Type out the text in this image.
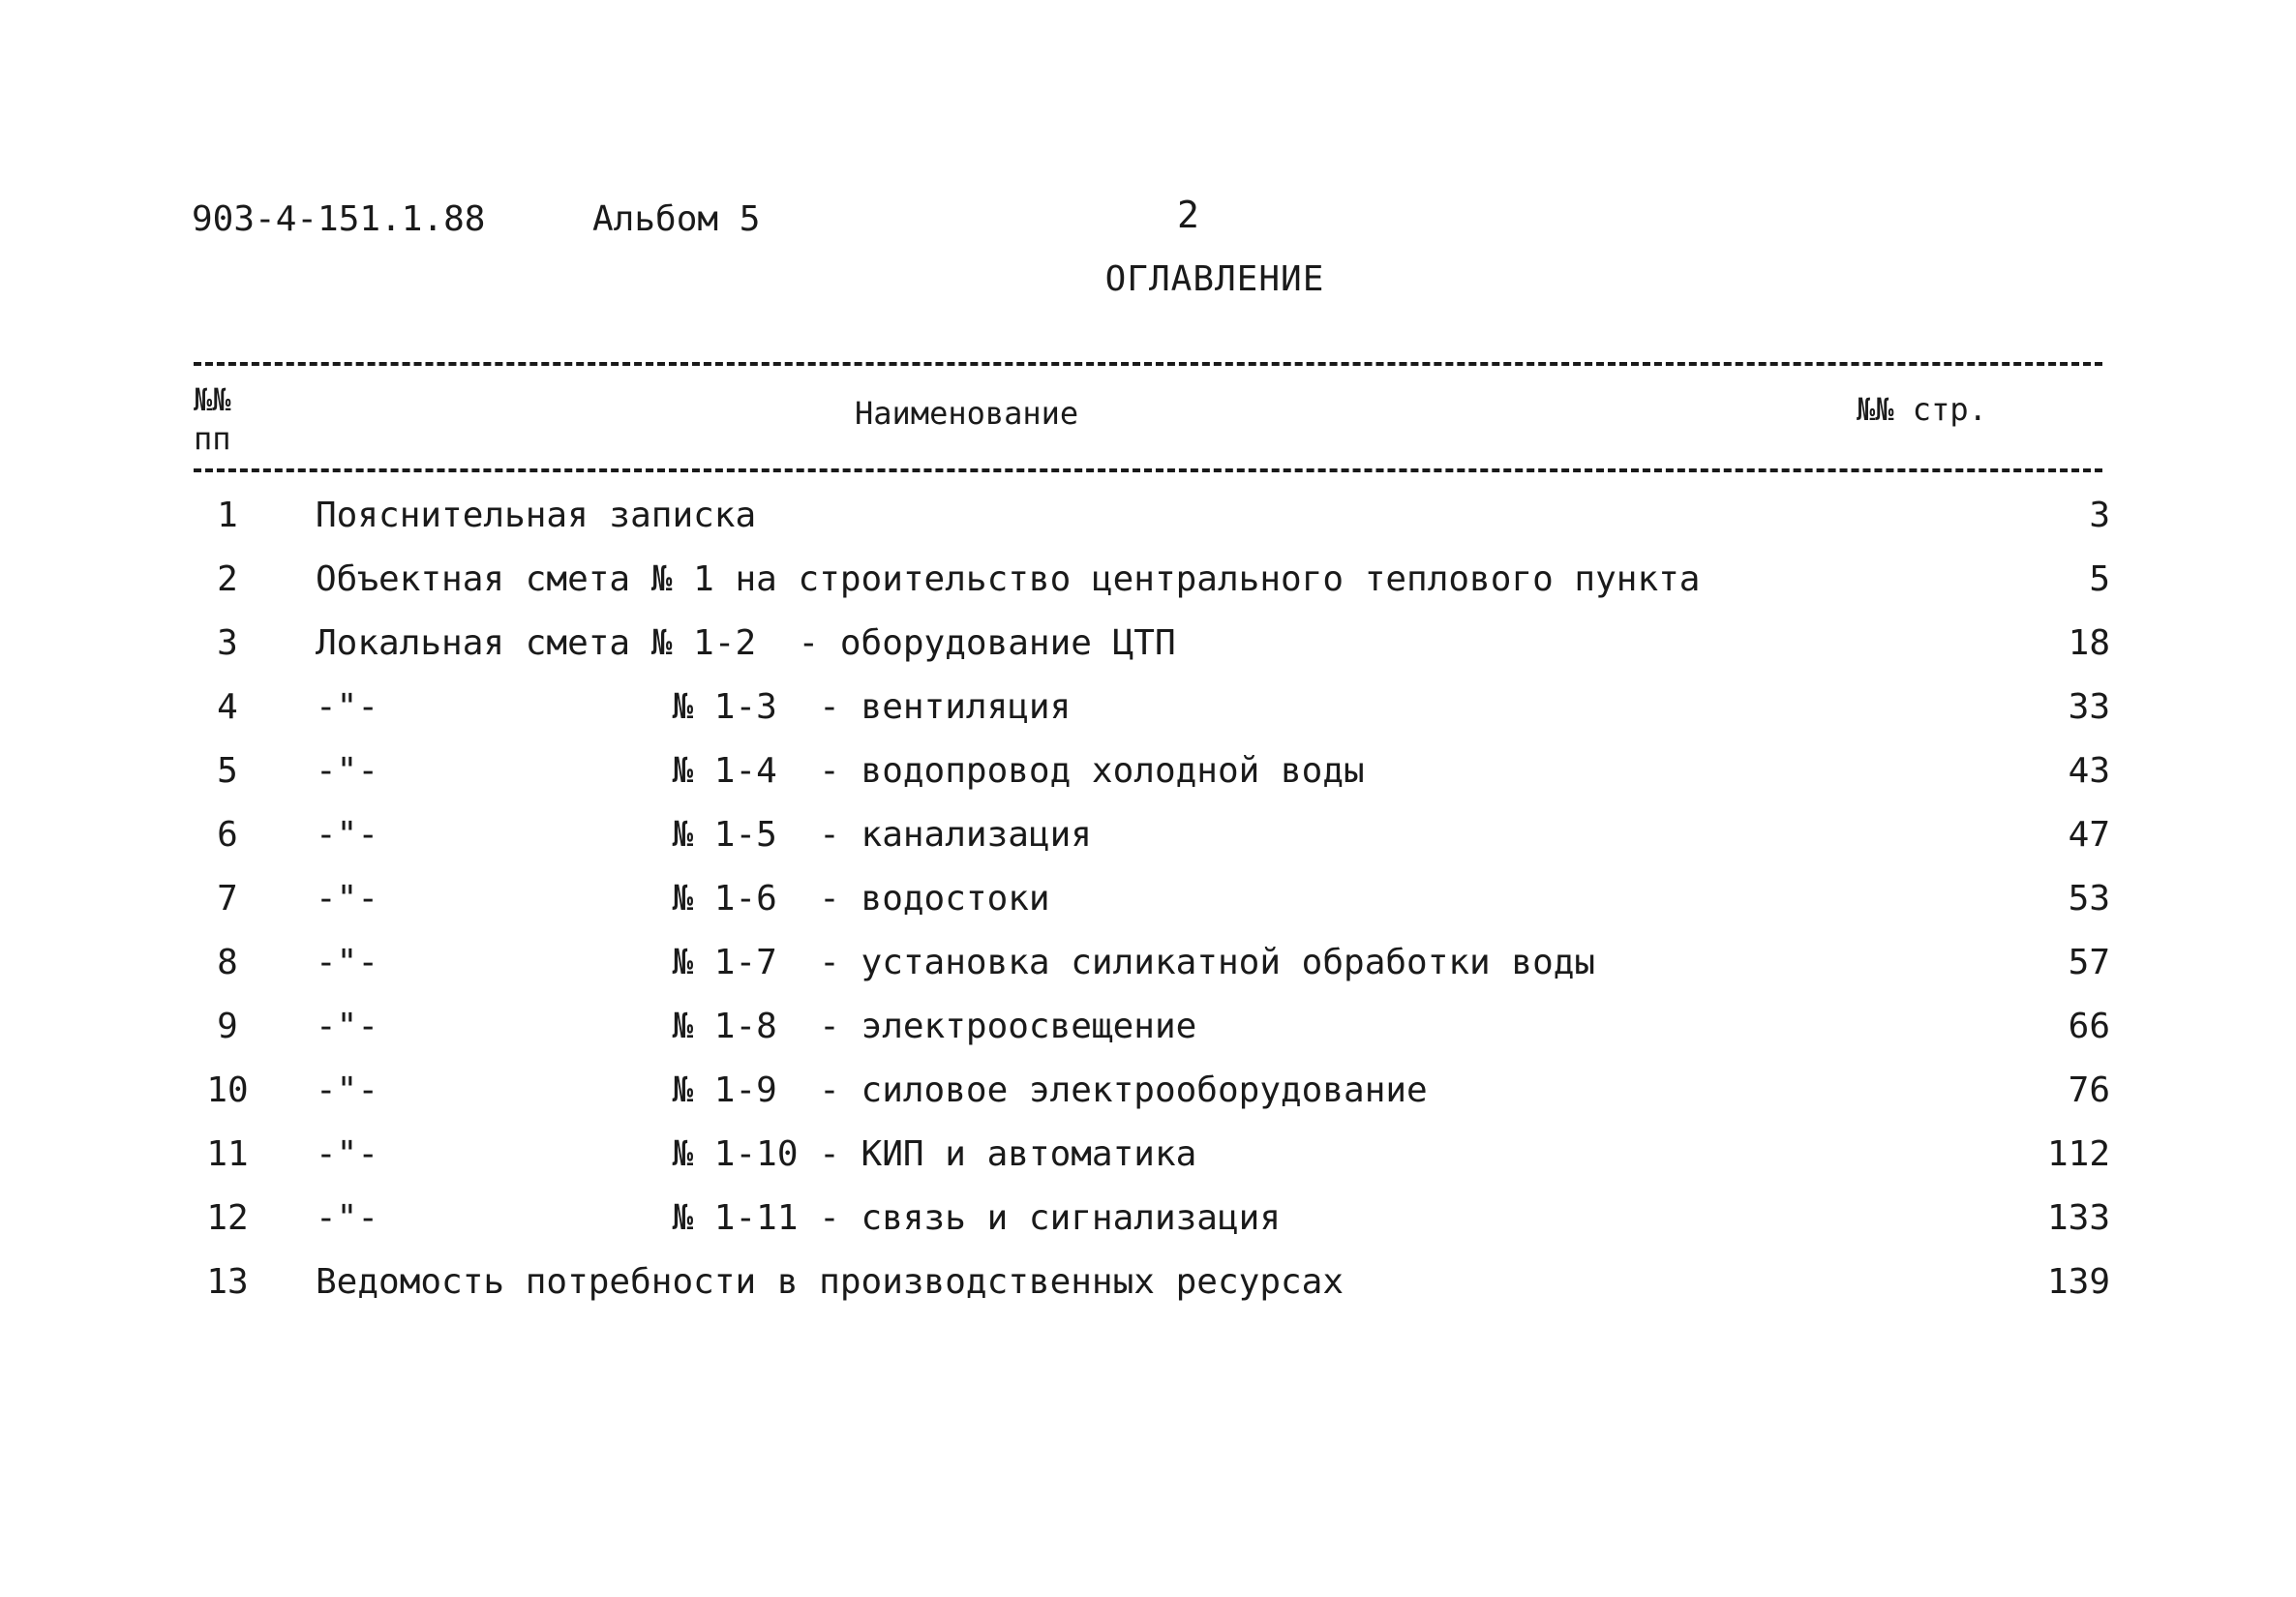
903-4-151.1.88	Альбом 5	2
ОГЛАВЛЕНИЕ
№№
пп
Наименование	№№ стр.
1	Пояснительная записка	3
2	Объектная смета № 1 на строительство центрального теплового пункта	5
3	Локальная смета № 1-2  - оборудование ЦТП	18
4	-"-              № 1-3  - вентиляция	33
5	-"-              № 1-4  - водопровод холодной воды	43
6	-"-              № 1-5  - канализация	47
7	-"-              № 1-6  - водостоки	53
8	-"-              № 1-7  - установка силикатной обработки воды	57
9	-"-              № 1-8  - электроосвещение	66
10	-"-              № 1-9  - силовое электрооборудование	76
11	-"-              № 1-10 - КИП и автоматика	112
12	-"-              № 1-11 - связь и сигнализация	133
13	Ведомость потребности в производственных ресурсах	139
